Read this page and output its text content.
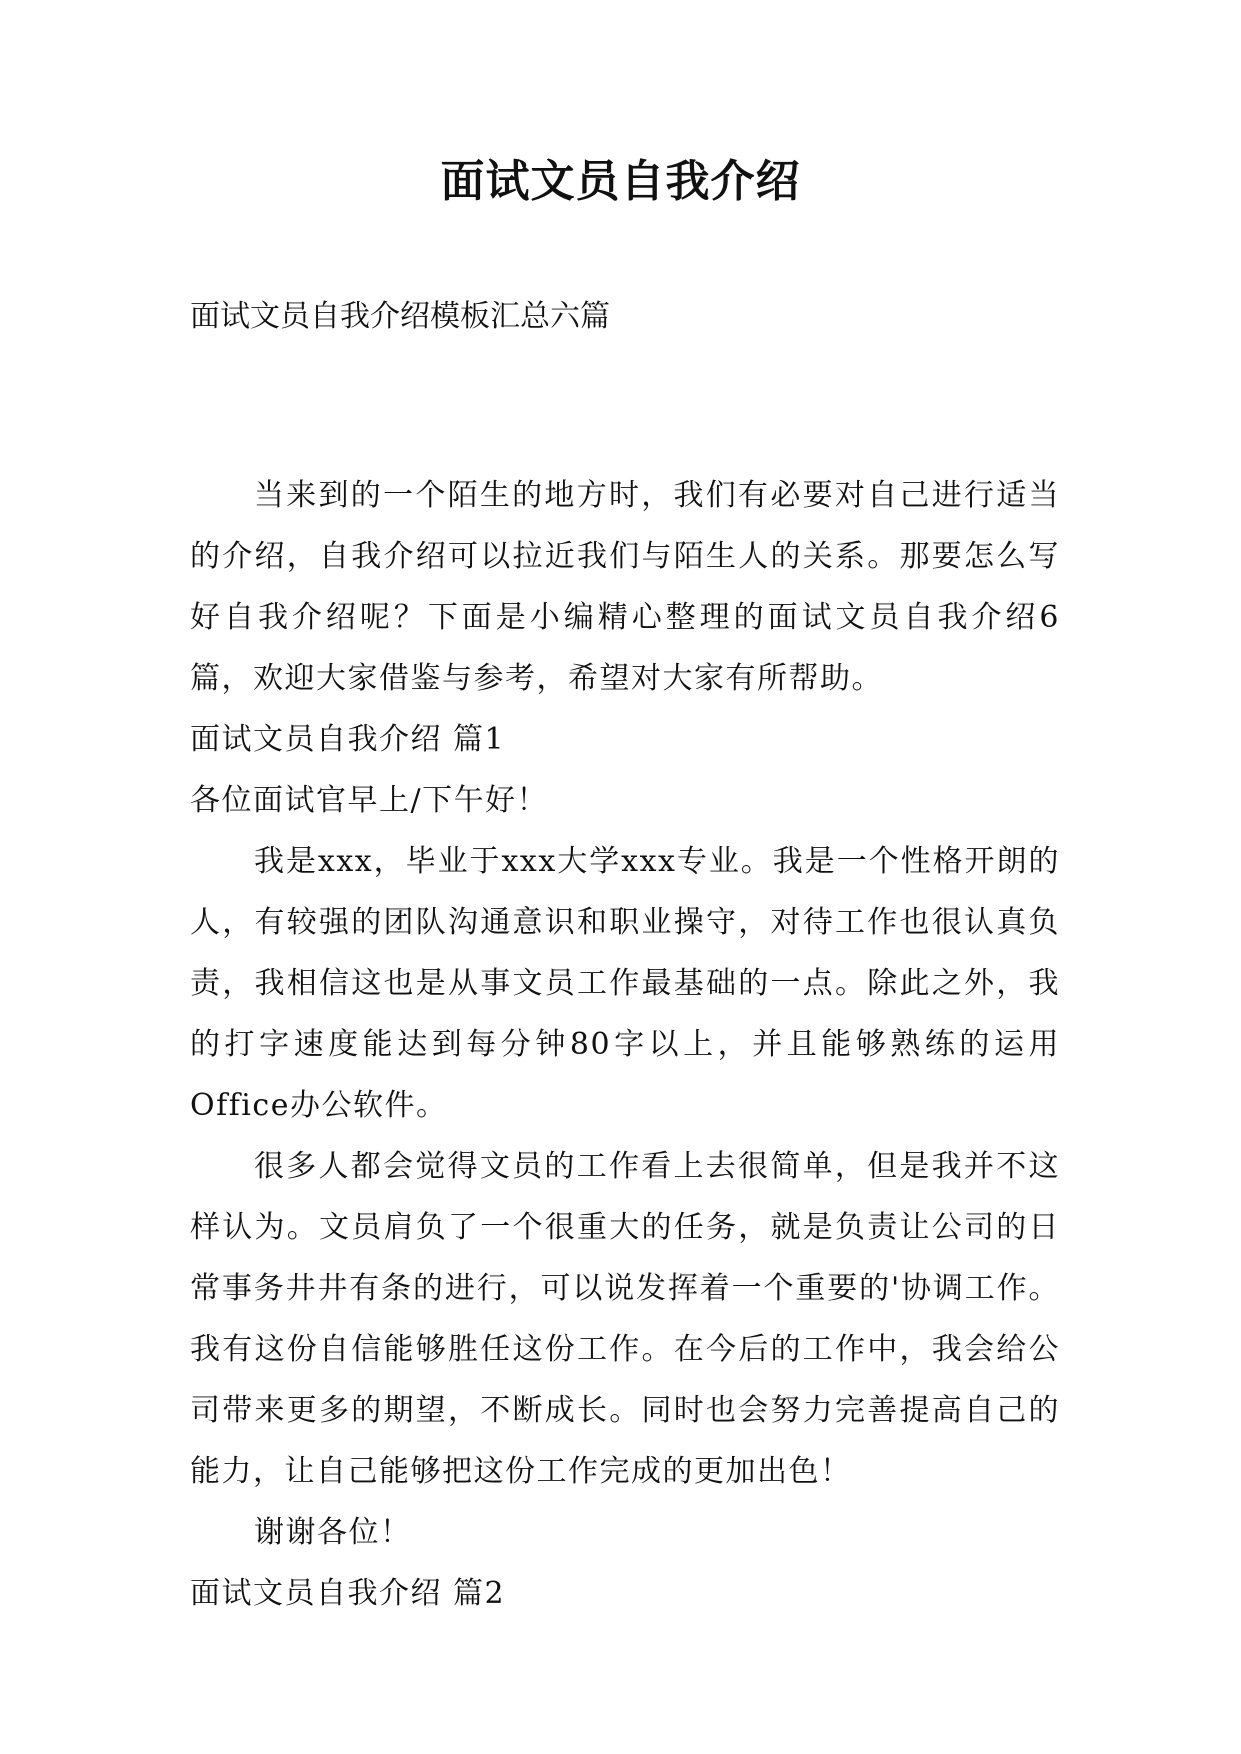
面试文员自我介绍

面试文员自我介绍模板汇总六篇

当来到的一个陌生的地方时，我们有必要对自己进行适当的介绍，自我介绍可以拉近我们与陌生人的关系。那要怎么写好自我介绍呢？下面是小编精心整理的面试文员自我介绍6篇，欢迎大家借鉴与参考，希望对大家有所帮助。

面试文员自我介绍 篇1

各位面试官早上/下午好！

我是xxx，毕业于xxx大学xxx专业。我是一个性格开朗的人，有较强的团队沟通意识和职业操守，对待工作也很认真负责，我相信这也是从事文员工作最基础的一点。除此之外，我的打字速度能达到每分钟80字以上，并且能够熟练的运用Office办公软件。

很多人都会觉得文员的工作看上去很简单，但是我并不这样认为。文员肩负了一个很重大的任务，就是负责让公司的日常事务井井有条的进行，可以说发挥着一个重要的'协调工作。我有这份自信能够胜任这份工作。在今后的工作中，我会给公司带来更多的期望，不断成长。同时也会努力完善提高自己的能力，让自己能够把这份工作完成的更加出色！

谢谢各位！

面试文员自我介绍 篇2
